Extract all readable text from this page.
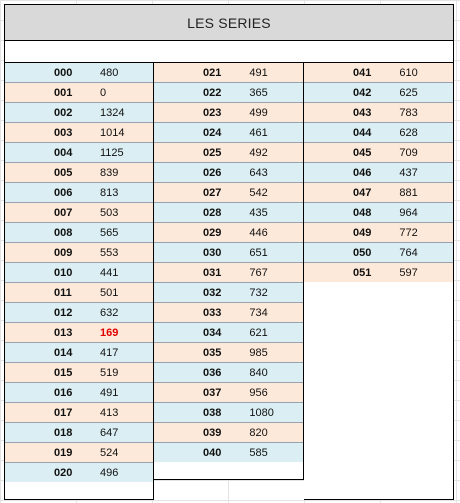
LES SERIES
000	480
001	0
002	1324
003	1014
004	1125
005	839
006	813
007	503
008	565
009	553
010	441
011	501
012	632
013	169
014	417
015	519
016	491
017	413
018	647
019	524
020	496
021	491
022	365
023	499
024	461
025	492
026	643
027	542
028	435
029	446
030	651
031	767
032	732
033	734
034	621
035	985
036	840
037	956
038	1080
039	820
040	585
041	610
042	625
043	783
044	628
045	709
046	437
047	881
048	964
049	772
050	764
051	597
